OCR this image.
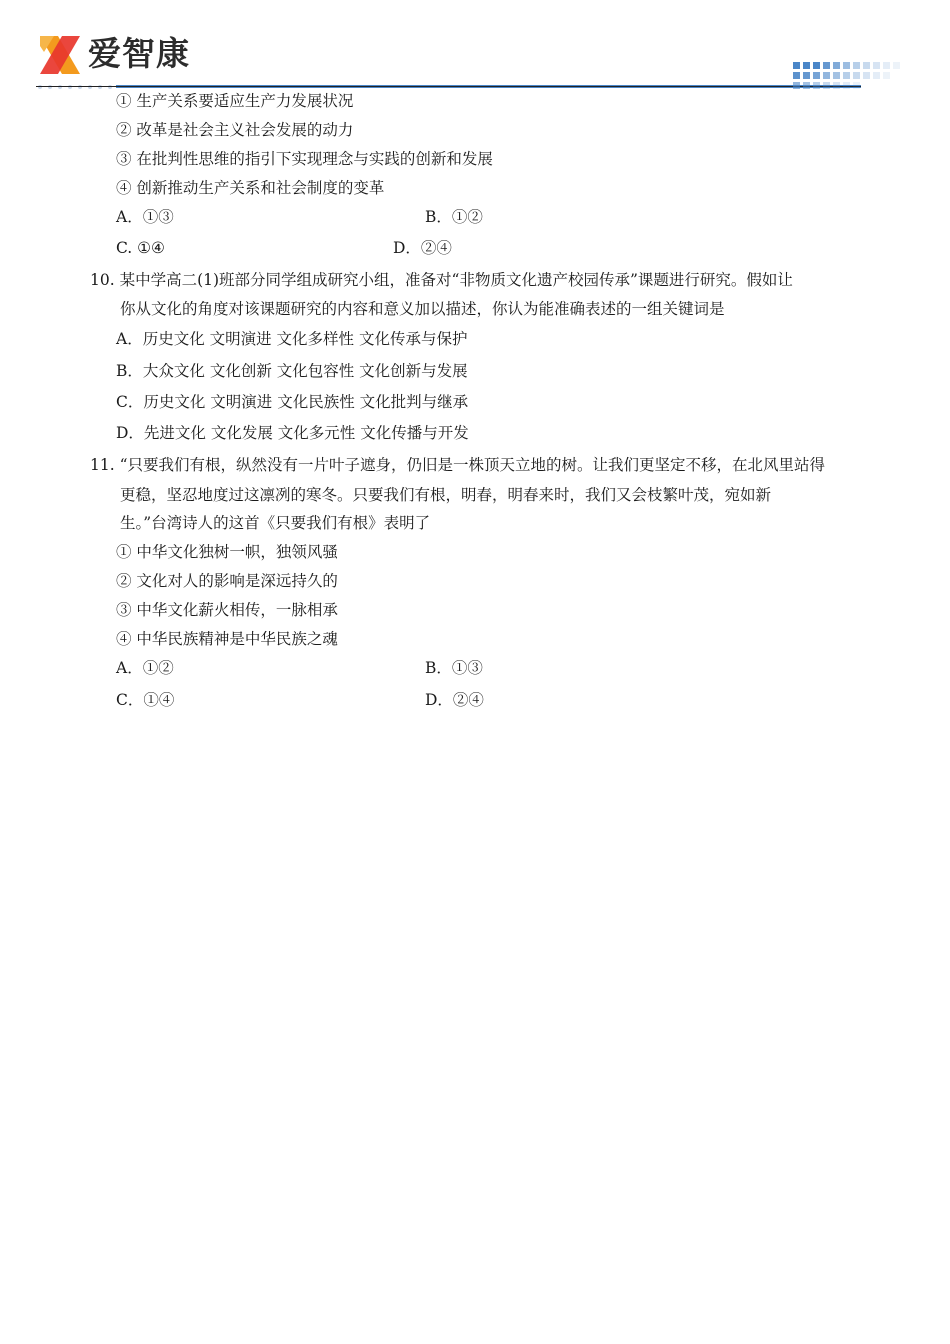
爱智康
① 生产关系要适应生产力发展状况
② 改革是社会主义社会发展的动力
③ 在批判性思维的指引下实现理念与实践的创新和发展
④ 创新推动生产关系和社会制度的变革
A．①③	B．①②
C. ①④	D．②④
10. 某中学高二(1)班部分同学组成研究小组，准备对“非物质文化遗产校园传承”课题进行研究。假如让
你从文化的角度对该课题研究的内容和意义加以描述，你认为能准确表述的一组关键词是
A．历史文化 文明演进 文化多样性 文化传承与保护
B．大众文化 文化创新 文化包容性 文化创新与发展
C．历史文化 文明演进 文化民族性 文化批判与继承
D．先进文化 文化发展 文化多元性 文化传播与开发
11. “只要我们有根，纵然没有一片叶子遮身，仍旧是一株顶天立地的树。让我们更坚定不移，在北风里站得
更稳，坚忍地度过这凛冽的寒冬。只要我们有根，明春，明春来时，我们又会枝繁叶茂，宛如新
生。”台湾诗人的这首《只要我们有根》表明了
① 中华文化独树一帜，独领风骚
② 文化对人的影响是深远持久的
③ 中华文化薪火相传，一脉相承
④ 中华民族精神是中华民族之魂
A．①②	B．①③
C．①④	D．②④
